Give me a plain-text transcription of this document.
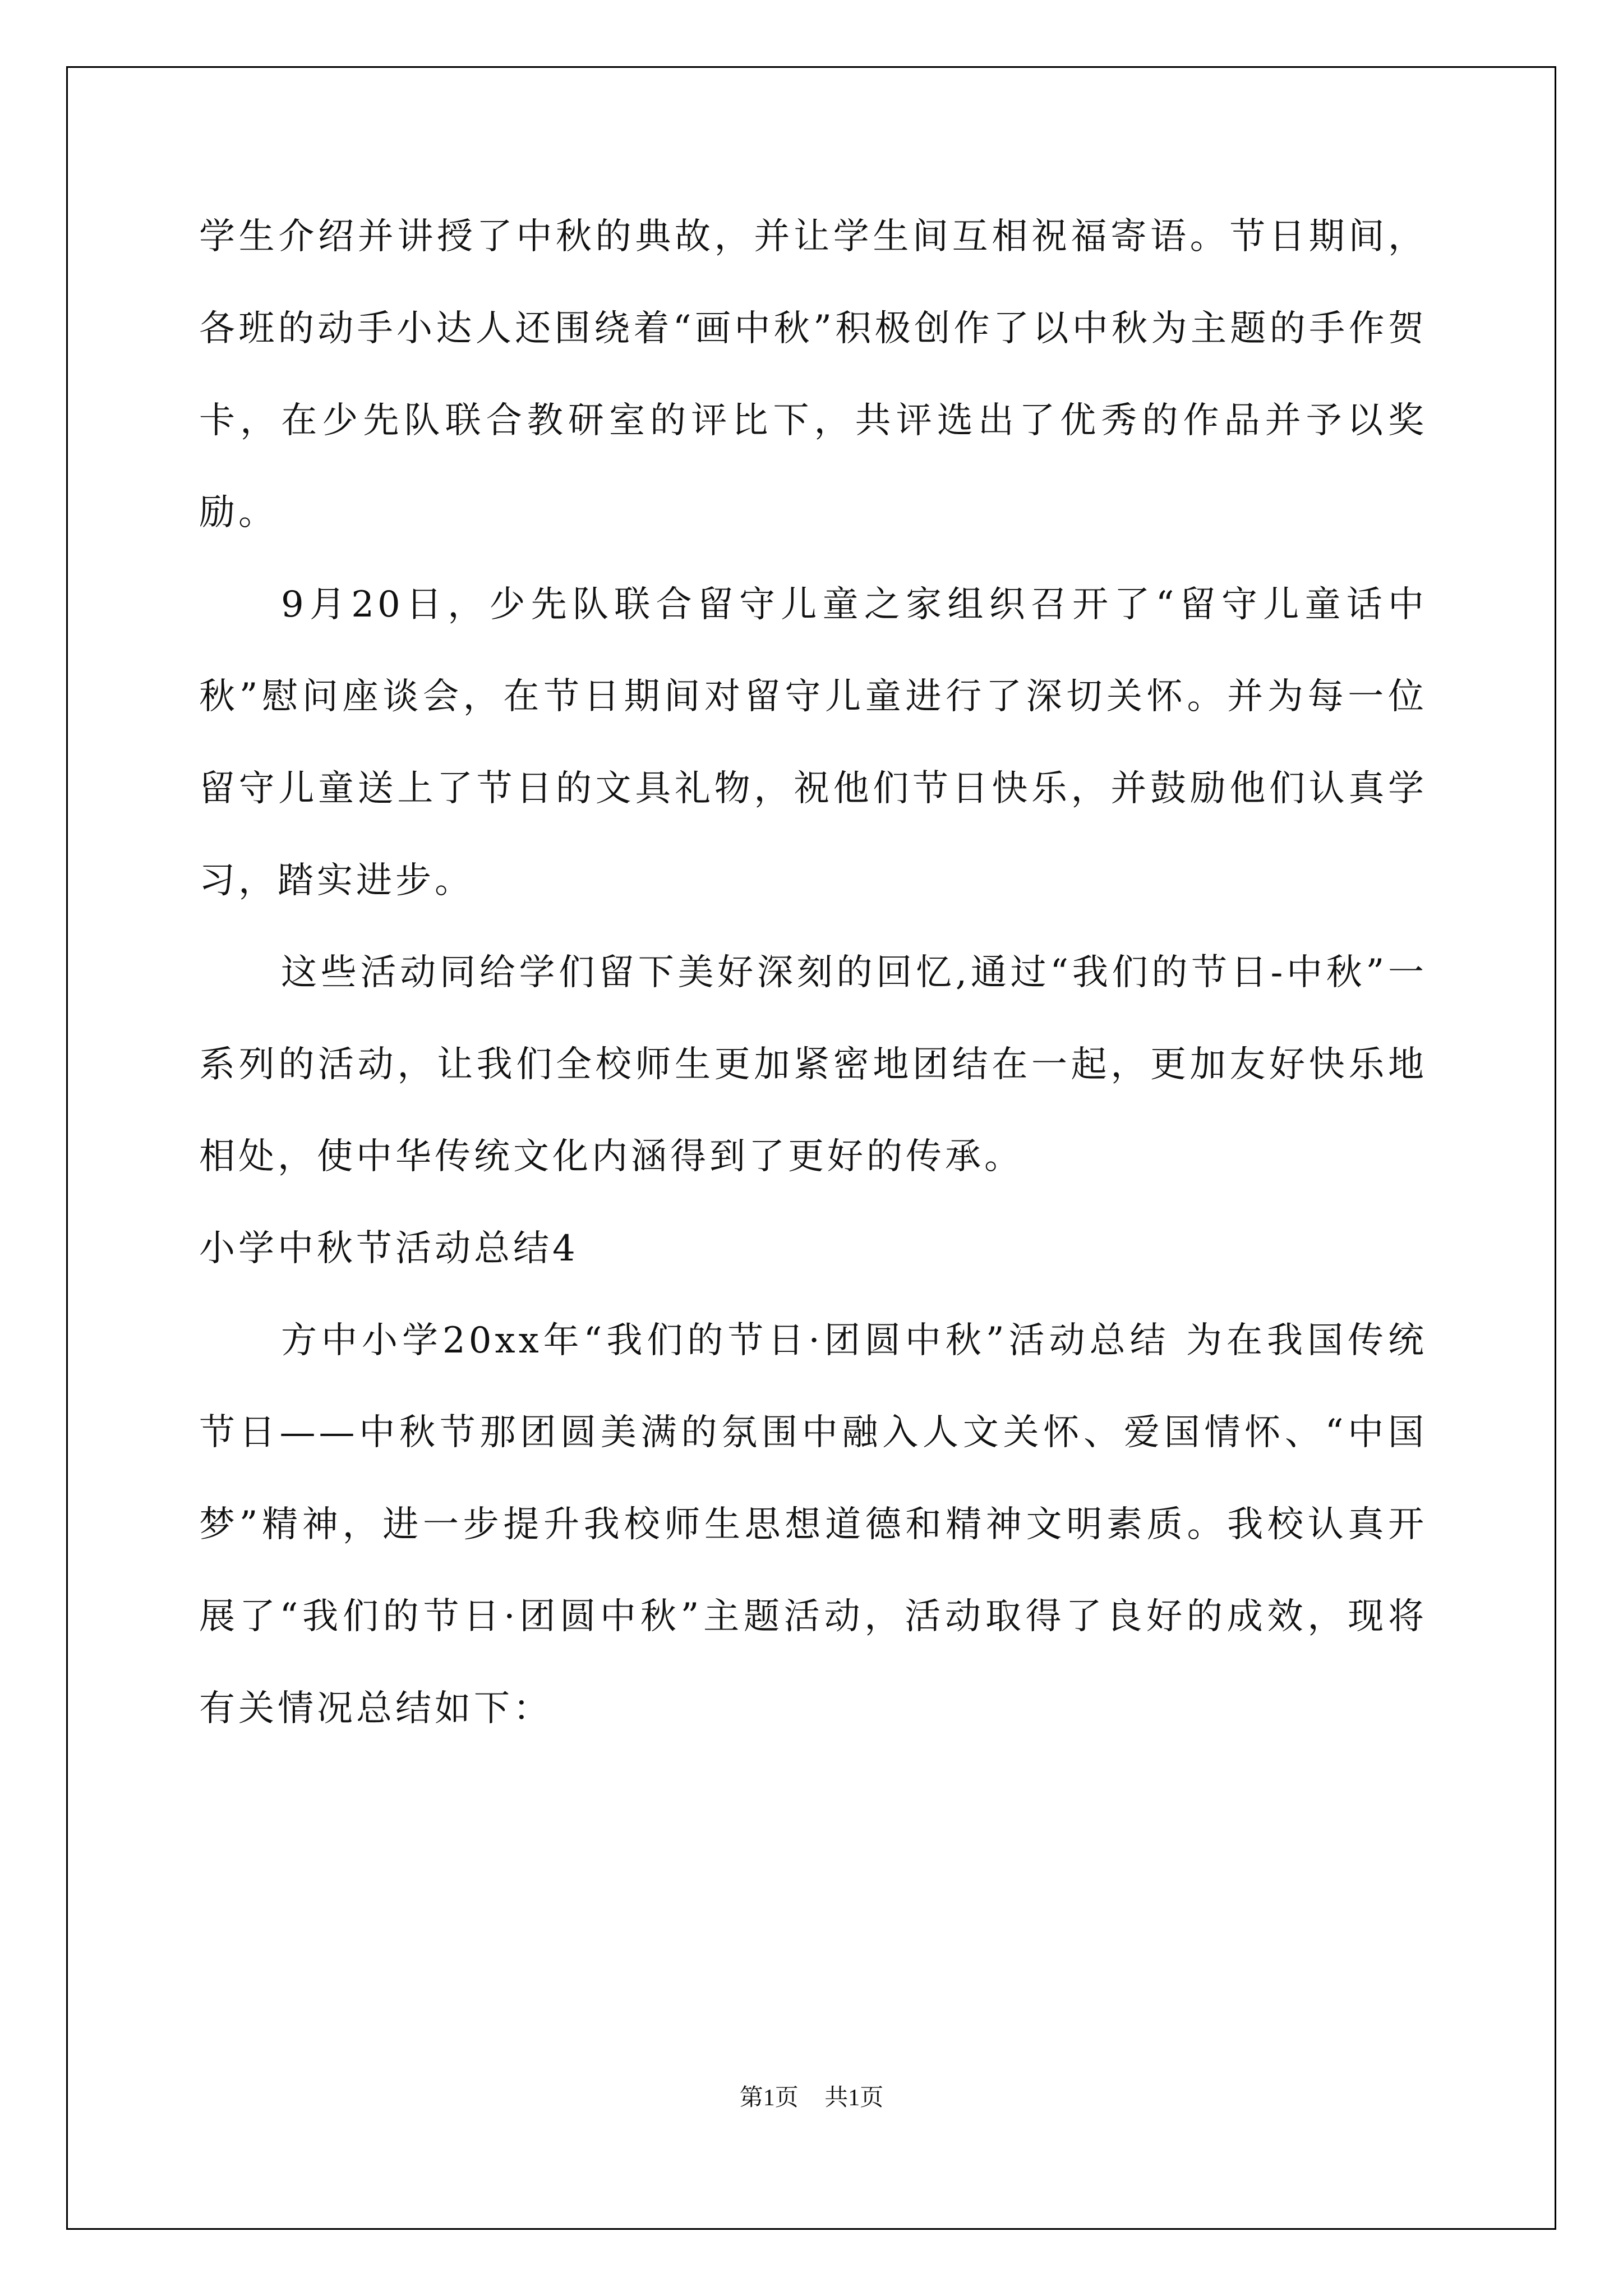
学生介绍并讲授了中秋的典故，并让学生间互相祝福寄语。节日期间，各班的动手小达人还围绕着“画中秋”积极创作了以中秋为主题的手作贺卡，在少先队联合教研室的评比下，共评选出了优秀的作品并予以奖励。

9月20日，少先队联合留守儿童之家组织召开了“留守儿童话中秋”慰问座谈会，在节日期间对留守儿童进行了深切关怀。并为每一位留守儿童送上了节日的文具礼物，祝他们节日快乐，并鼓励他们认真学习，踏实进步。

这些活动同给学们留下美好深刻的回忆,通过“我们的节日-中秋”一系列的活动，让我们全校师生更加紧密地团结在一起，更加友好快乐地相处，使中华传统文化内涵得到了更好的传承。

小学中秋节活动总结4

方中小学20xx年“我们的节日·团圆中秋”活动总结 为在我国传统节日——中秋节那团圆美满的氛围中融入人文关怀、爱国情怀、“中国梦”精神，进一步提升我校师生思想道德和精神文明素质。我校认真开展了“我们的节日·团圆中秋”主题活动，活动取得了良好的成效，现将有关情况总结如下：

第1页 共1页
